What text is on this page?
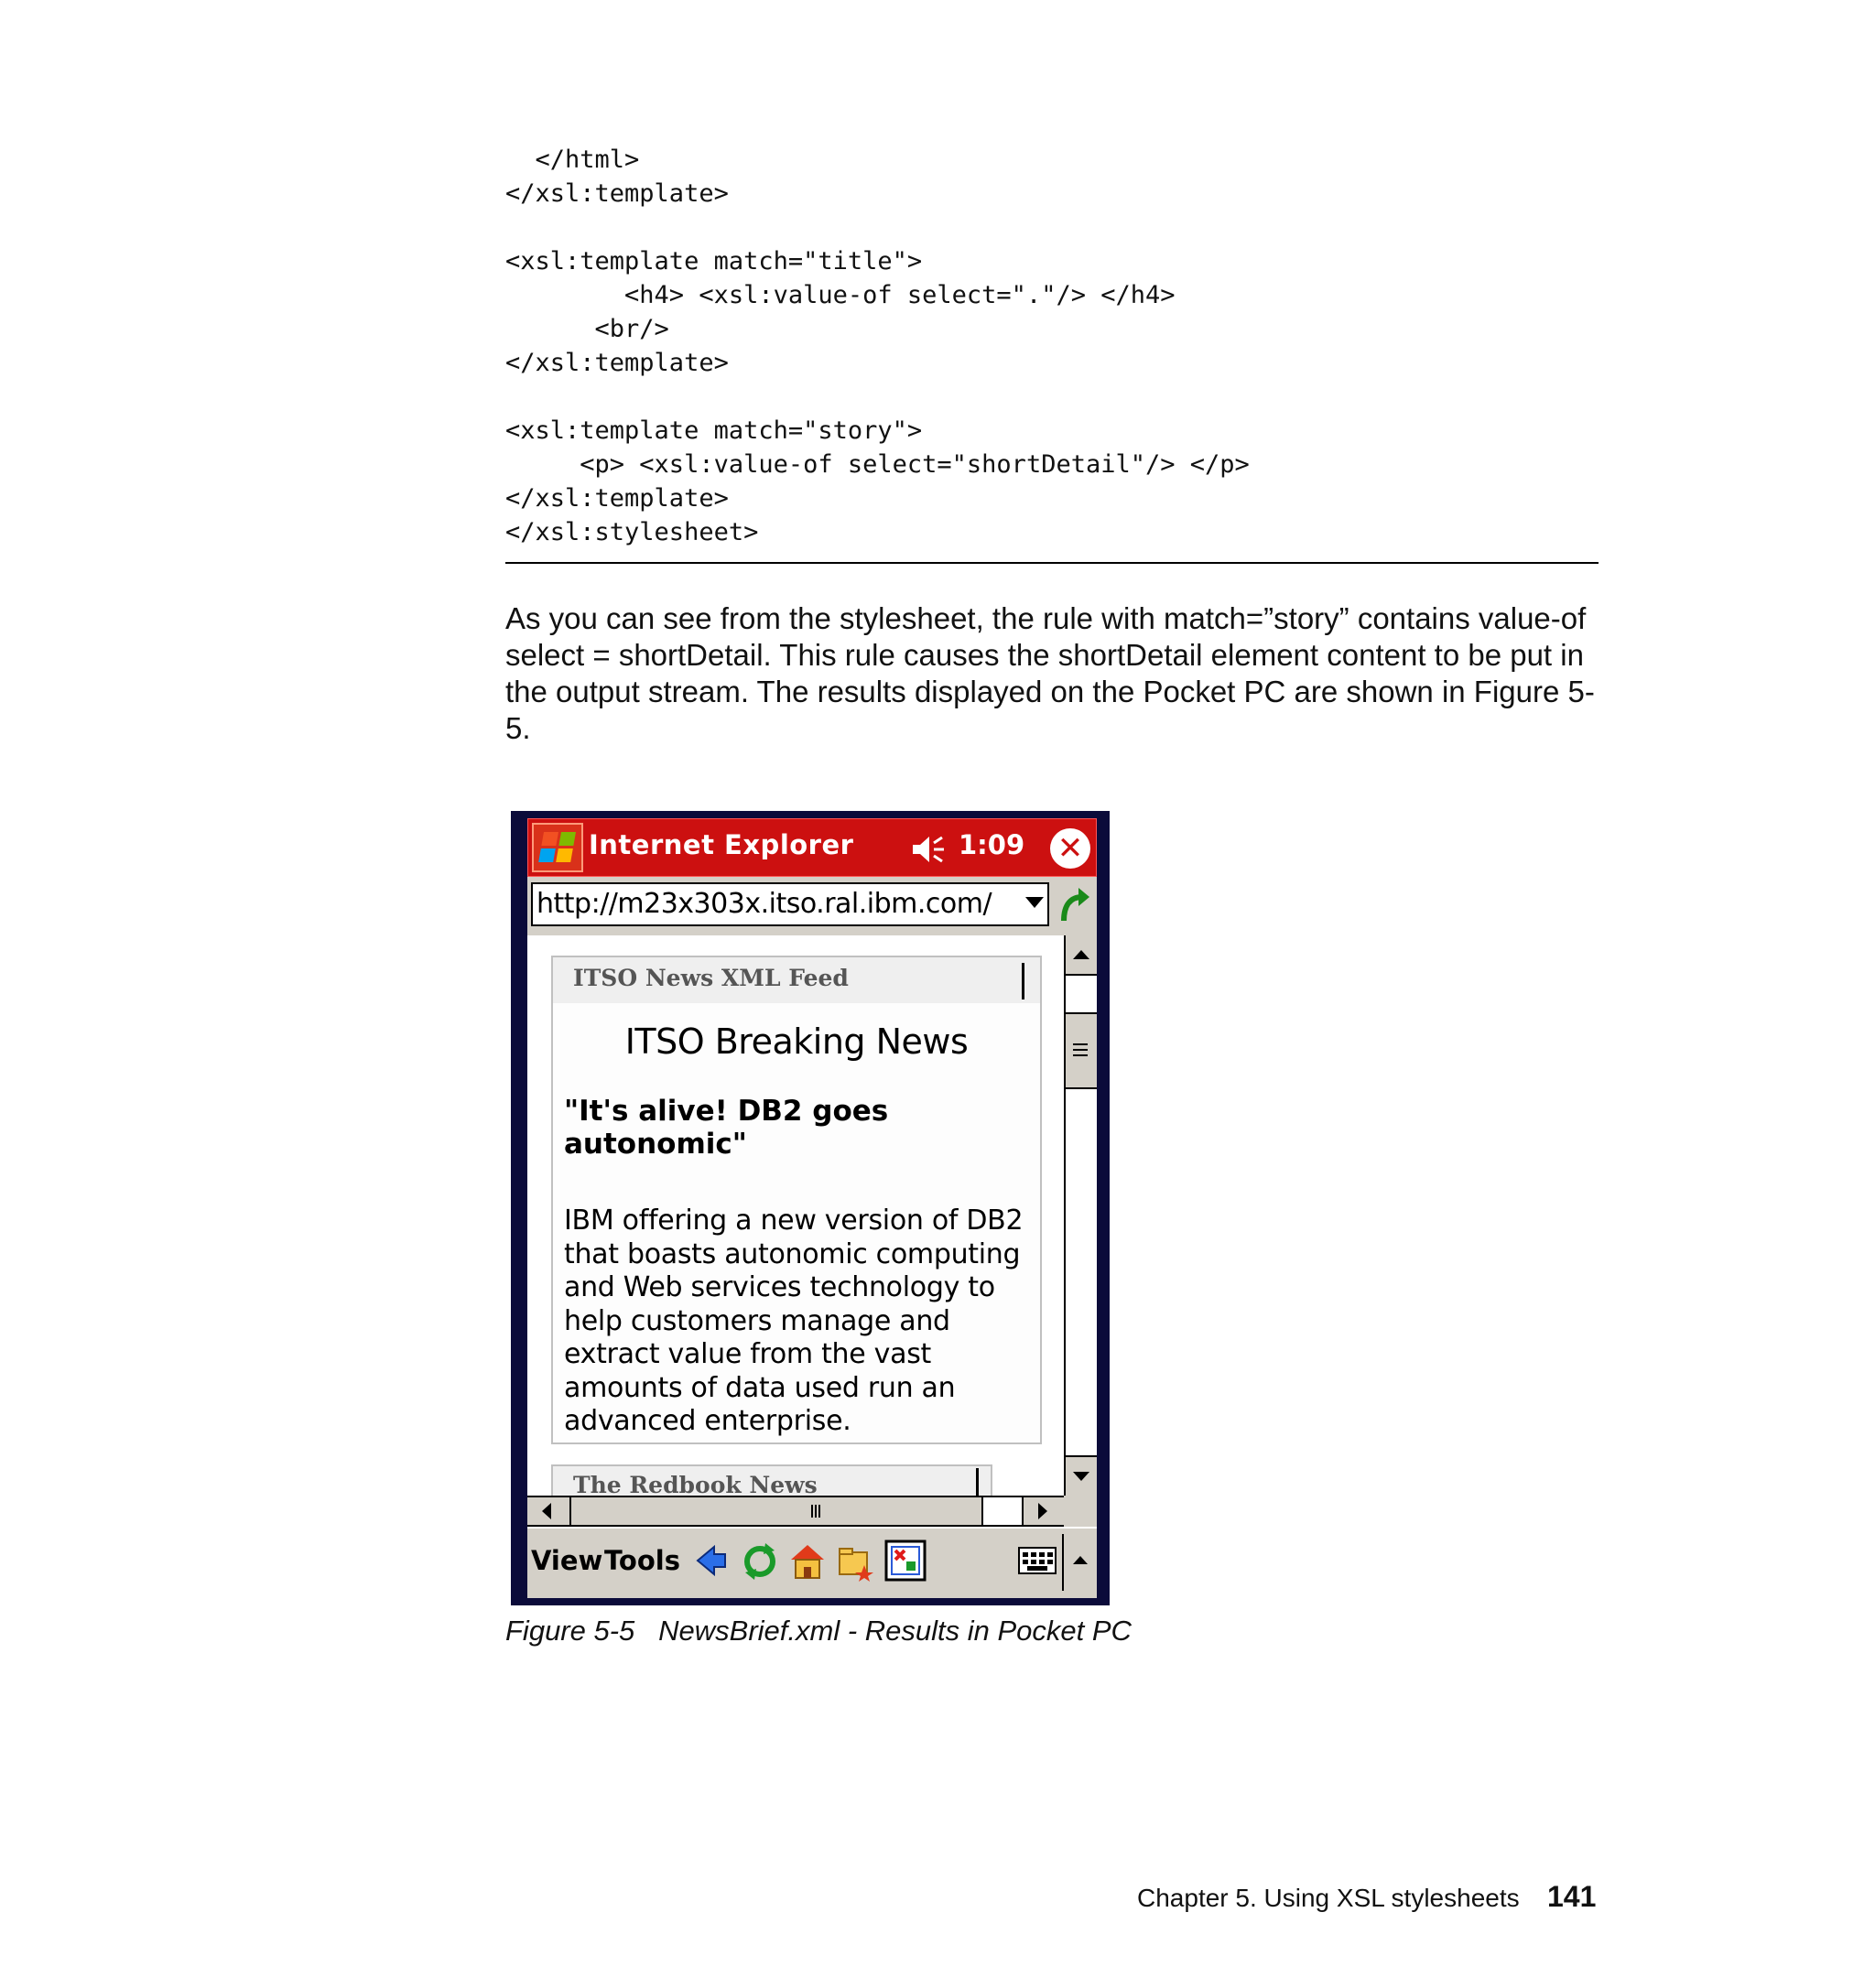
</html>
</xsl:template>

<xsl:template match="title">
<h4> <xsl:value-of select="."/> </h4>
<br/>
</xsl:template>

<xsl:template match="story">
<p> <xsl:value-of select="shortDetail"/> </p>
</xsl:template>
</xsl:stylesheet>

As you can see from the stylesheet, the rule with match=”story” contains value-of select = shortDetail. This rule causes the shortDetail element content to be put in the output stream. The results displayed on the Pocket PC are shown in Figure 5-5.

Internet Explorer	1:09 ✕
http://m23x303x.itso.ral.ibm.com/
ITSO News XML Feed
ITSO Breaking News
"It's alive! DB2 goes autonomic"
IBM offering a new version of DB2 that boasts autonomic computing and Web services technology to help customers manage and extract value from the vast amounts of data used run an advanced enterprise.
The Redbook News
View Tools
Figure 5-5   NewsBrief.xml - Results in Pocket PC
Chapter 5. Using XSL stylesheets 141
